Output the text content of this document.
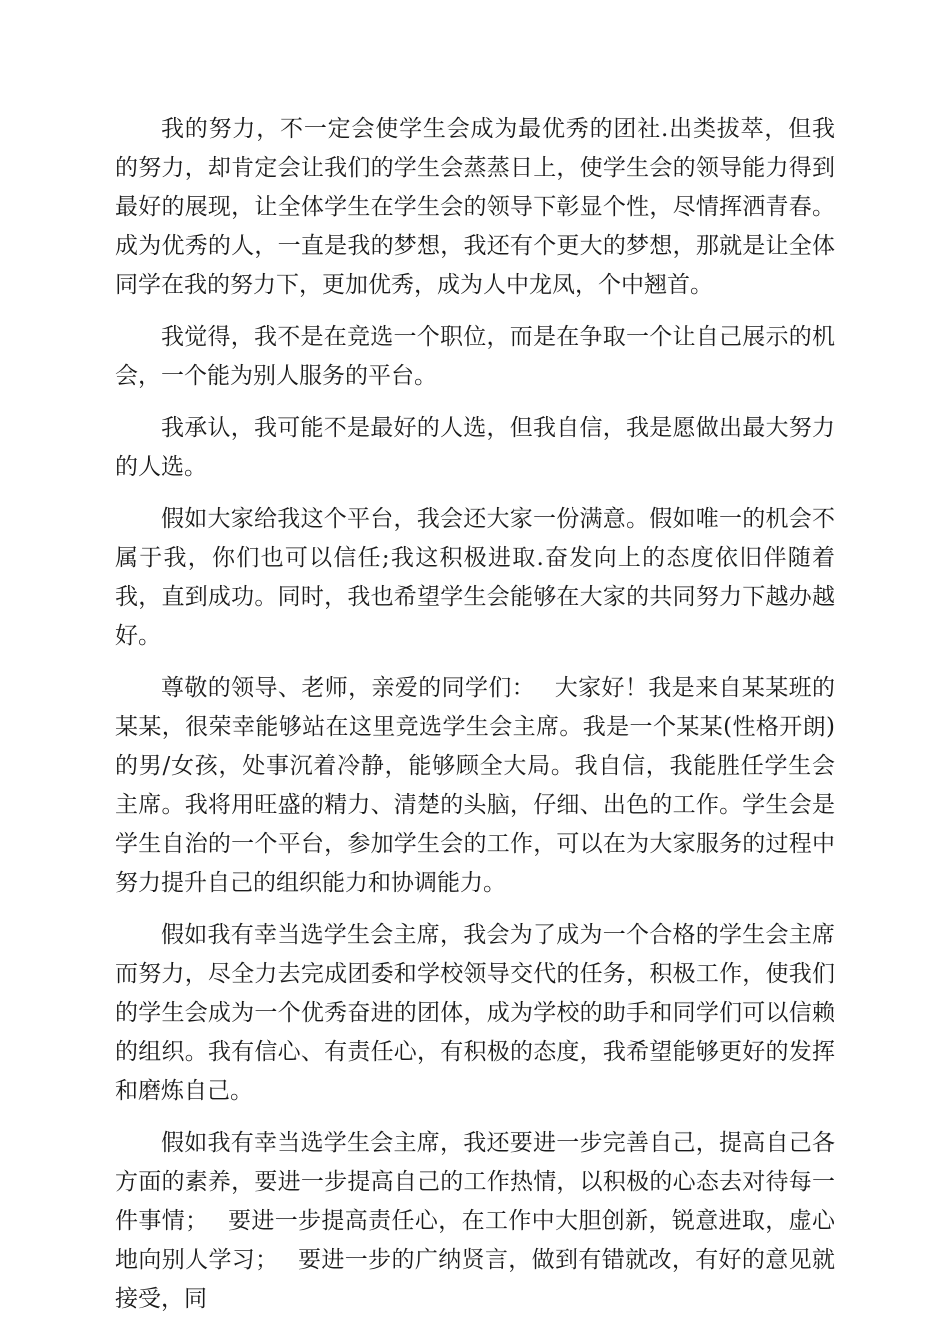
我的努力，不一定会使学生会成为最优秀的团社.出类拔萃，但我的努力，却肯定会让我们的学生会蒸蒸日上，使学生会的领导能力得到最好的展现，让全体学生在学生会的领导下彰显个性，尽情挥洒青春。成为优秀的人，一直是我的梦想，我还有个更大的梦想，那就是让全体同学在我的努力下，更加优秀，成为人中龙凤，个中翘首。

我觉得，我不是在竞选一个职位，而是在争取一个让自己展示的机会，一个能为别人服务的平台。

我承认，我可能不是最好的人选，但我自信，我是愿做出最大努力的人选。

假如大家给我这个平台，我会还大家一份满意。假如唯一的机会不属于我，你们也可以信任;我这积极进取.奋发向上的态度依旧伴随着我，直到成功。同时，我也希望学生会能够在大家的共同努力下越办越好。

尊敬的领导、老师，亲爱的同学们：　 大家好！我是来自某某班的某某，很荣幸能够站在这里竞选学生会主席。我是一个某某(性格开朗)的男/女孩，处事沉着冷静，能够顾全大局。我自信，我能胜任学生会主席。我将用旺盛的精力、清楚的头脑，仔细、出色的工作。学生会是学生自治的一个平台，参加学生会的工作，可以在为大家服务的过程中努力提升自己的组织能力和协调能力。

假如我有幸当选学生会主席，我会为了成为一个合格的学生会主席而努力，尽全力去完成团委和学校领导交代的任务，积极工作，使我们的学生会成为一个优秀奋进的团体，成为学校的助手和同学们可以信赖的组织。我有信心、有责任心，有积极的态度，我希望能够更好的发挥和磨炼自己。

假如我有幸当选学生会主席，我还要进一步完善自己，提高自己各方面的素养，要进一步提高自己的工作热情，以积极的心态去对待每一件事情；　 要进一步提高责任心，在工作中大胆创新，锐意进取，虚心地向别人学习；　 要进一步的广纳贤言，做到有错就改，有好的意见就接受，同
